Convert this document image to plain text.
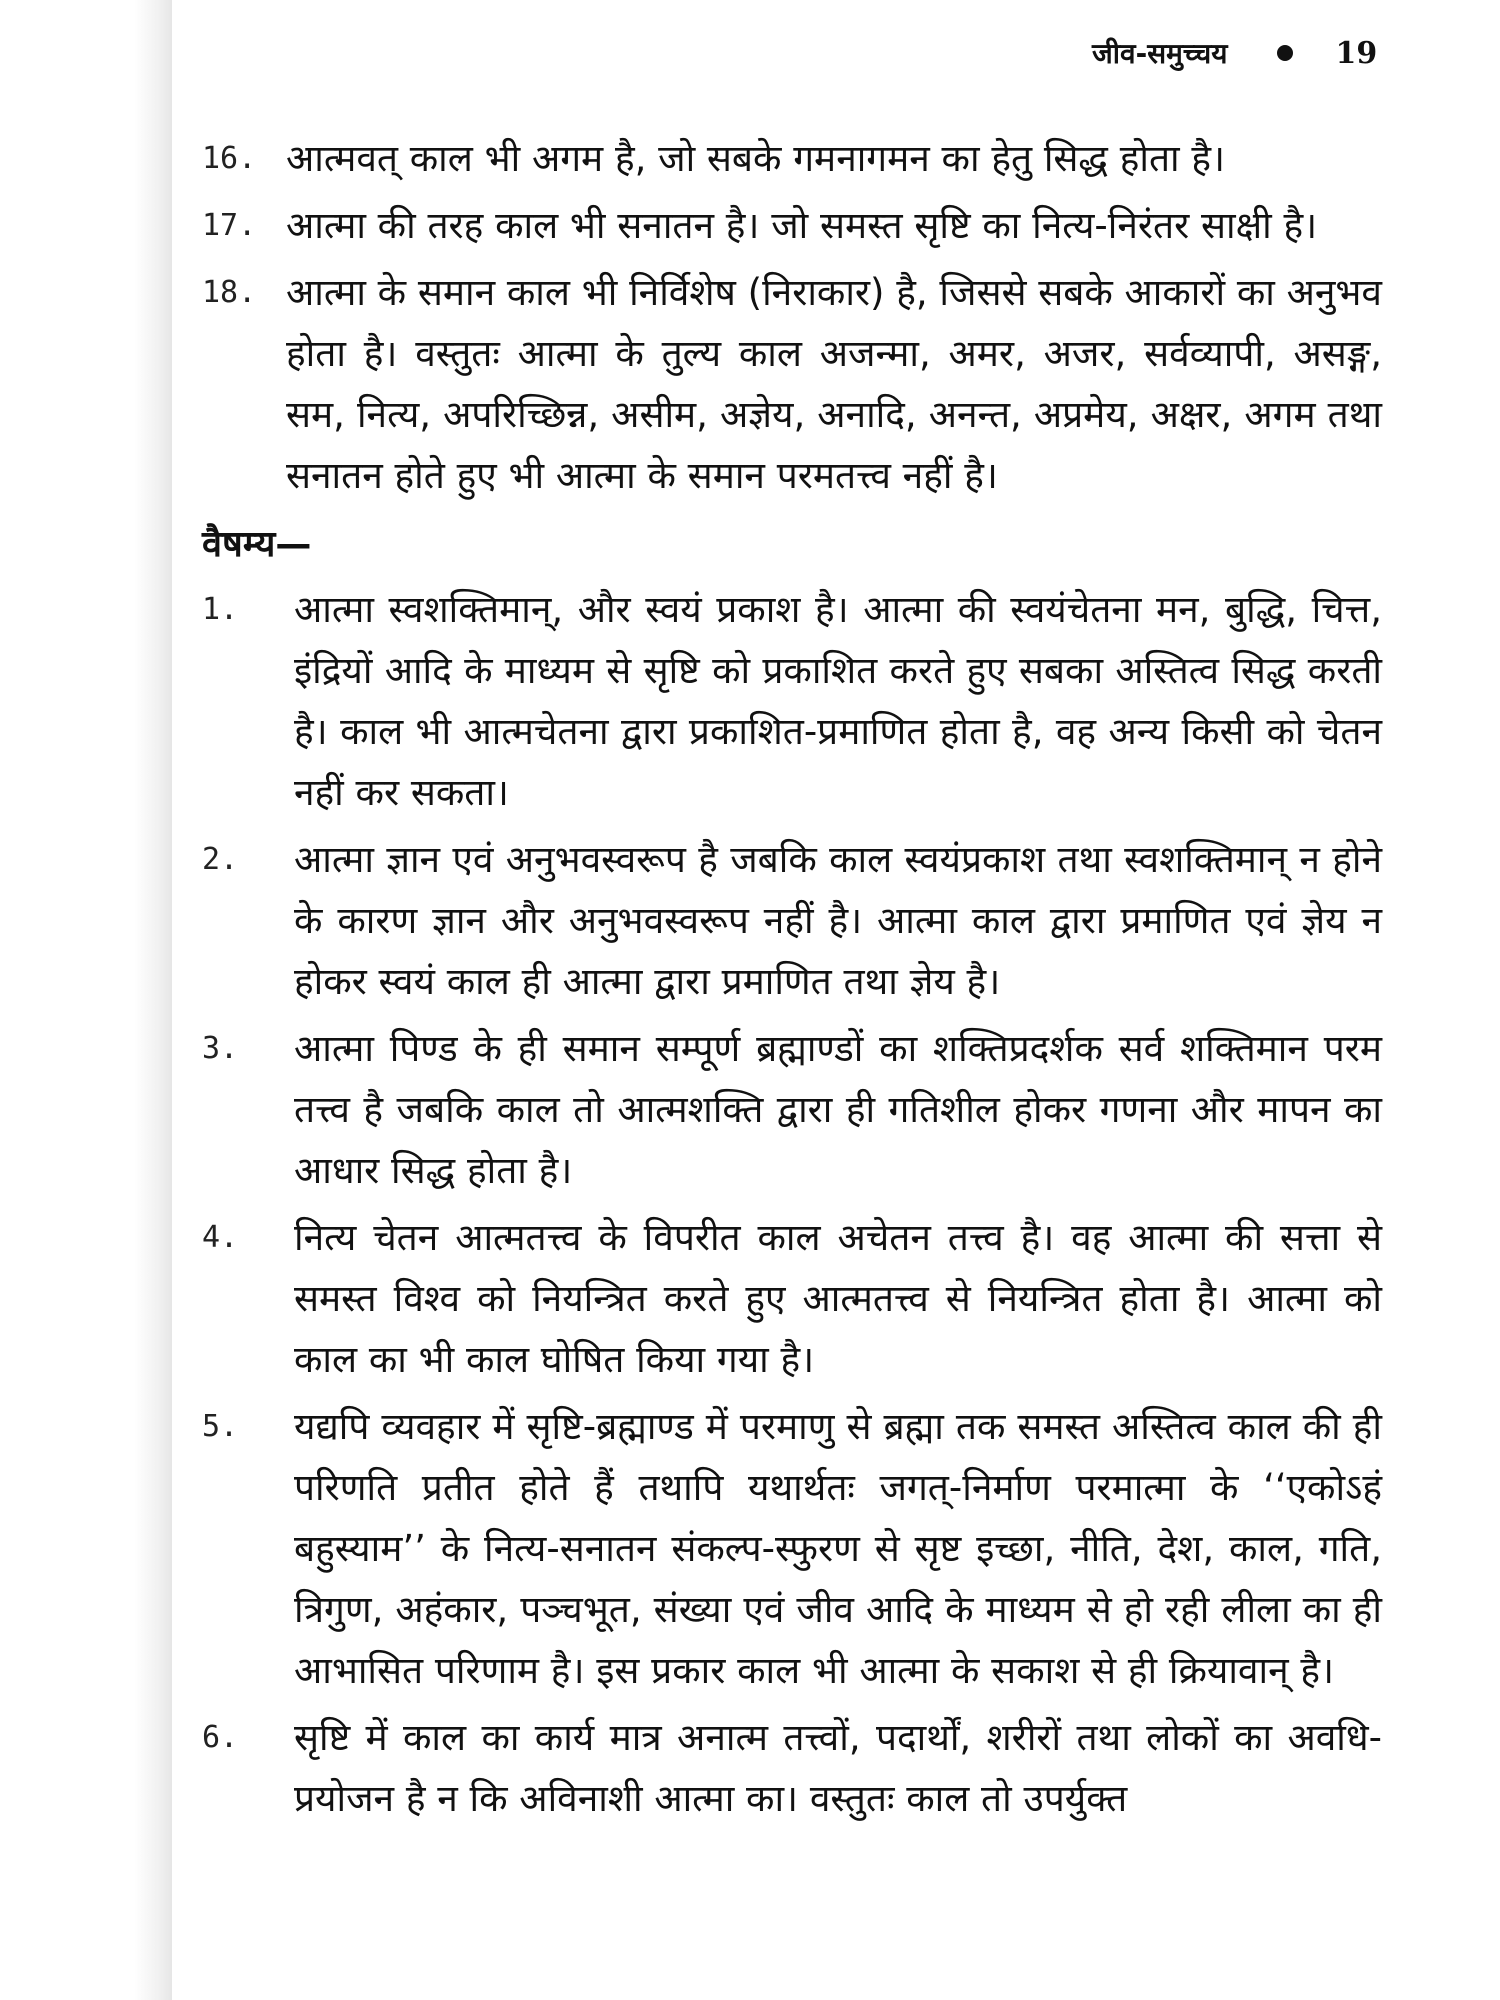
जीव-समुच्चय	19
16. आत्मवत् काल भी अगम है, जो सबके गमनागमन का हेतु सिद्ध होता है।
17. आत्मा की तरह काल भी सनातन है। जो समस्त सृष्टि का नित्य-निरंतर साक्षी है।
18. आत्मा के समान काल भी निर्विशेष (निराकार) है, जिससे सबके आकारों का अनुभव होता है। वस्तुतः आत्मा के तुल्य काल अजन्मा, अमर, अजर, सर्वव्यापी, असङ्ग, सम, नित्य, अपरिच्छिन्न, असीम, अज्ञेय, अनादि, अनन्त, अप्रमेय, अक्षर, अगम तथा सनातन होते हुए भी आत्मा के समान परमतत्त्व नहीं है।
वैषम्य—
1.	आत्मा स्वशक्तिमान्, और स्वयं प्रकाश है। आत्मा की स्वयंचेतना मन, बुद्धि, चित्त, इंद्रियों आदि के माध्यम से सृष्टि को प्रकाशित करते हुए सबका अस्तित्व सिद्ध करती है। काल भी आत्मचेतना द्वारा प्रकाशित-प्रमाणित होता है, वह अन्य किसी को चेतन नहीं कर सकता।
2.	आत्मा ज्ञान एवं अनुभवस्वरूप है जबकि काल स्वयंप्रकाश तथा स्वशक्तिमान् न होने के कारण ज्ञान और अनुभवस्वरूप नहीं है। आत्मा काल द्वारा प्रमाणित एवं ज्ञेय न होकर स्वयं काल ही आत्मा द्वारा प्रमाणित तथा ज्ञेय है।
3.	आत्मा पिण्ड के ही समान सम्पूर्ण ब्रह्माण्डों का शक्तिप्रदर्शक सर्व शक्तिमान परम तत्त्व है जबकि काल तो आत्मशक्ति द्वारा ही गतिशील होकर गणना और मापन का आधार सिद्ध होता है।
4.	नित्य चेतन आत्मतत्त्व के विपरीत काल अचेतन तत्त्व है। वह आत्मा की सत्ता से समस्त विश्व को नियन्त्रित करते हुए आत्मतत्त्व से नियन्त्रित होता है। आत्मा को काल का भी काल घोषित किया गया है।
5.	यद्यपि व्यवहार में सृष्टि-ब्रह्माण्ड में परमाणु से ब्रह्मा तक समस्त अस्तित्व काल की ही परिणति प्रतीत होते हैं तथापि यथार्थतः जगत्-निर्माण परमात्मा के ‘‘एकोऽहं बहुस्याम’’ के नित्य-सनातन संकल्प-स्फुरण से सृष्ट इच्छा, नीति, देश, काल, गति, त्रिगुण, अहंकार, पञ्चभूत, संख्या एवं जीव आदि के माध्यम से हो रही लीला का ही आभासित परिणाम है। इस प्रकार काल भी आत्मा के सकाश से ही क्रियावान् है।
6.	सृष्टि में काल का कार्य मात्र अनात्म तत्त्वों, पदार्थों, शरीरों तथा लोकों का अवधि-प्रयोजन है न कि अविनाशी आत्मा का। वस्तुतः काल तो उपर्युक्त
